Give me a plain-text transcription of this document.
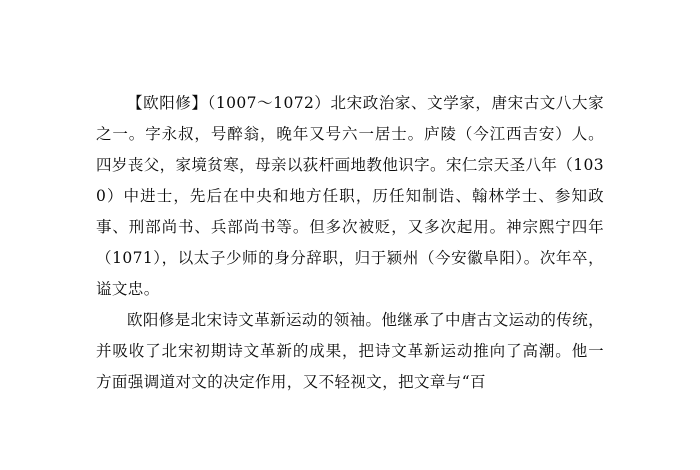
【欧阳修】（1007～1072）北宋政治家、文学家，唐宋古文八大家之一。字永叔，号醉翁，晚年又号六一居士。庐陵（今江西吉安）人。四岁丧父，家境贫寒，母亲以荻杆画地教他识字。宋仁宗天圣八年（1030）中进士，先后在中央和地方任职，历任知制诰、翰林学士、参知政事、刑部尚书、兵部尚书等。但多次被贬，又多次起用。神宗熙宁四年（1071），以太子少师的身分辞职，归于颍州（今安徽阜阳）。次年卒，谥文忠。

欧阳修是北宋诗文革新运动的领袖。他继承了中唐古文运动的传统，并吸收了北宋初期诗文革新的成果，把诗文革新运动推向了高潮。他一方面强调道对文的决定作用，又不轻视文，把文章与“百
